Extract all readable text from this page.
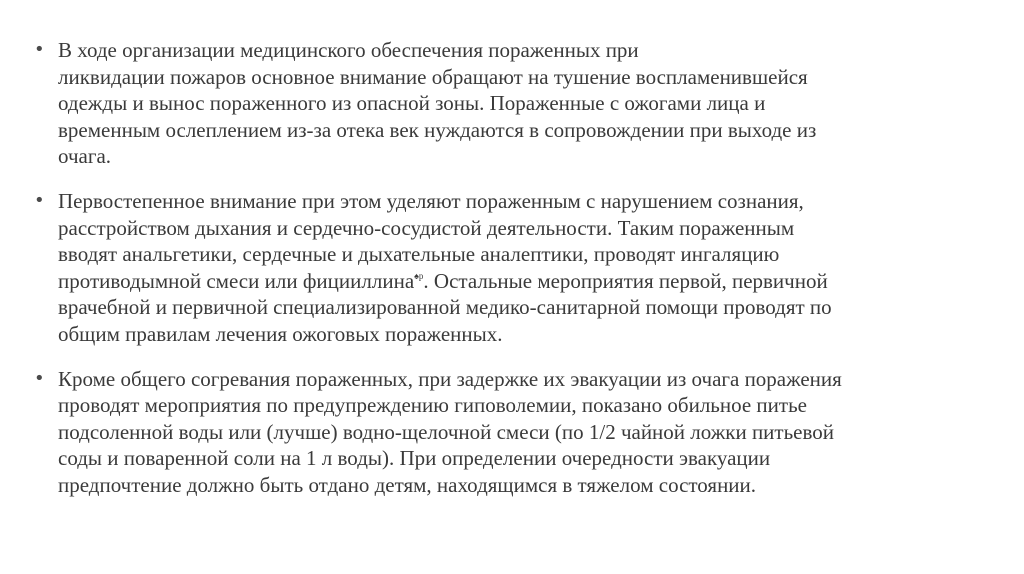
• В ходе организации медицинского обеспечения пораженных при
ликвидации пожаров основное внимание обращают на тушение воспламенившейся
одежды и вынос пораженного из опасной зоны. Пораженные с ожогами лица и
временным ослеплением из-за отека век нуждаются в сопровождении при выходе из
очага.
• Первостепенное внимание при этом уделяют пораженным с нарушением сознания,
расстройством дыхания и сердечно-сосудистой деятельности. Таким пораженным
вводят анальгетики, сердечные и дыхательные аналептики, проводят ингаляцию
противодымной смеси или фицииллина$^{♠р}$. Остальные мероприятия первой, первичной
врачебной и первичной специализированной медико-санитарной помощи проводят по
общим правилам лечения ожоговых пораженных.
• Кроме общего согревания пораженных, при задержке их эвакуации из очага поражения
проводят мероприятия по предупреждению гиповолемии, показано обильное питье
подсоленной воды или (лучше) водно-щелочной смеси (по 1/2 чайной ложки питьевой
соды и поваренной соли на 1 л воды). При определении очередности эвакуации
предпочтение должно быть отдано детям, находящимся в тяжелом состоянии.
